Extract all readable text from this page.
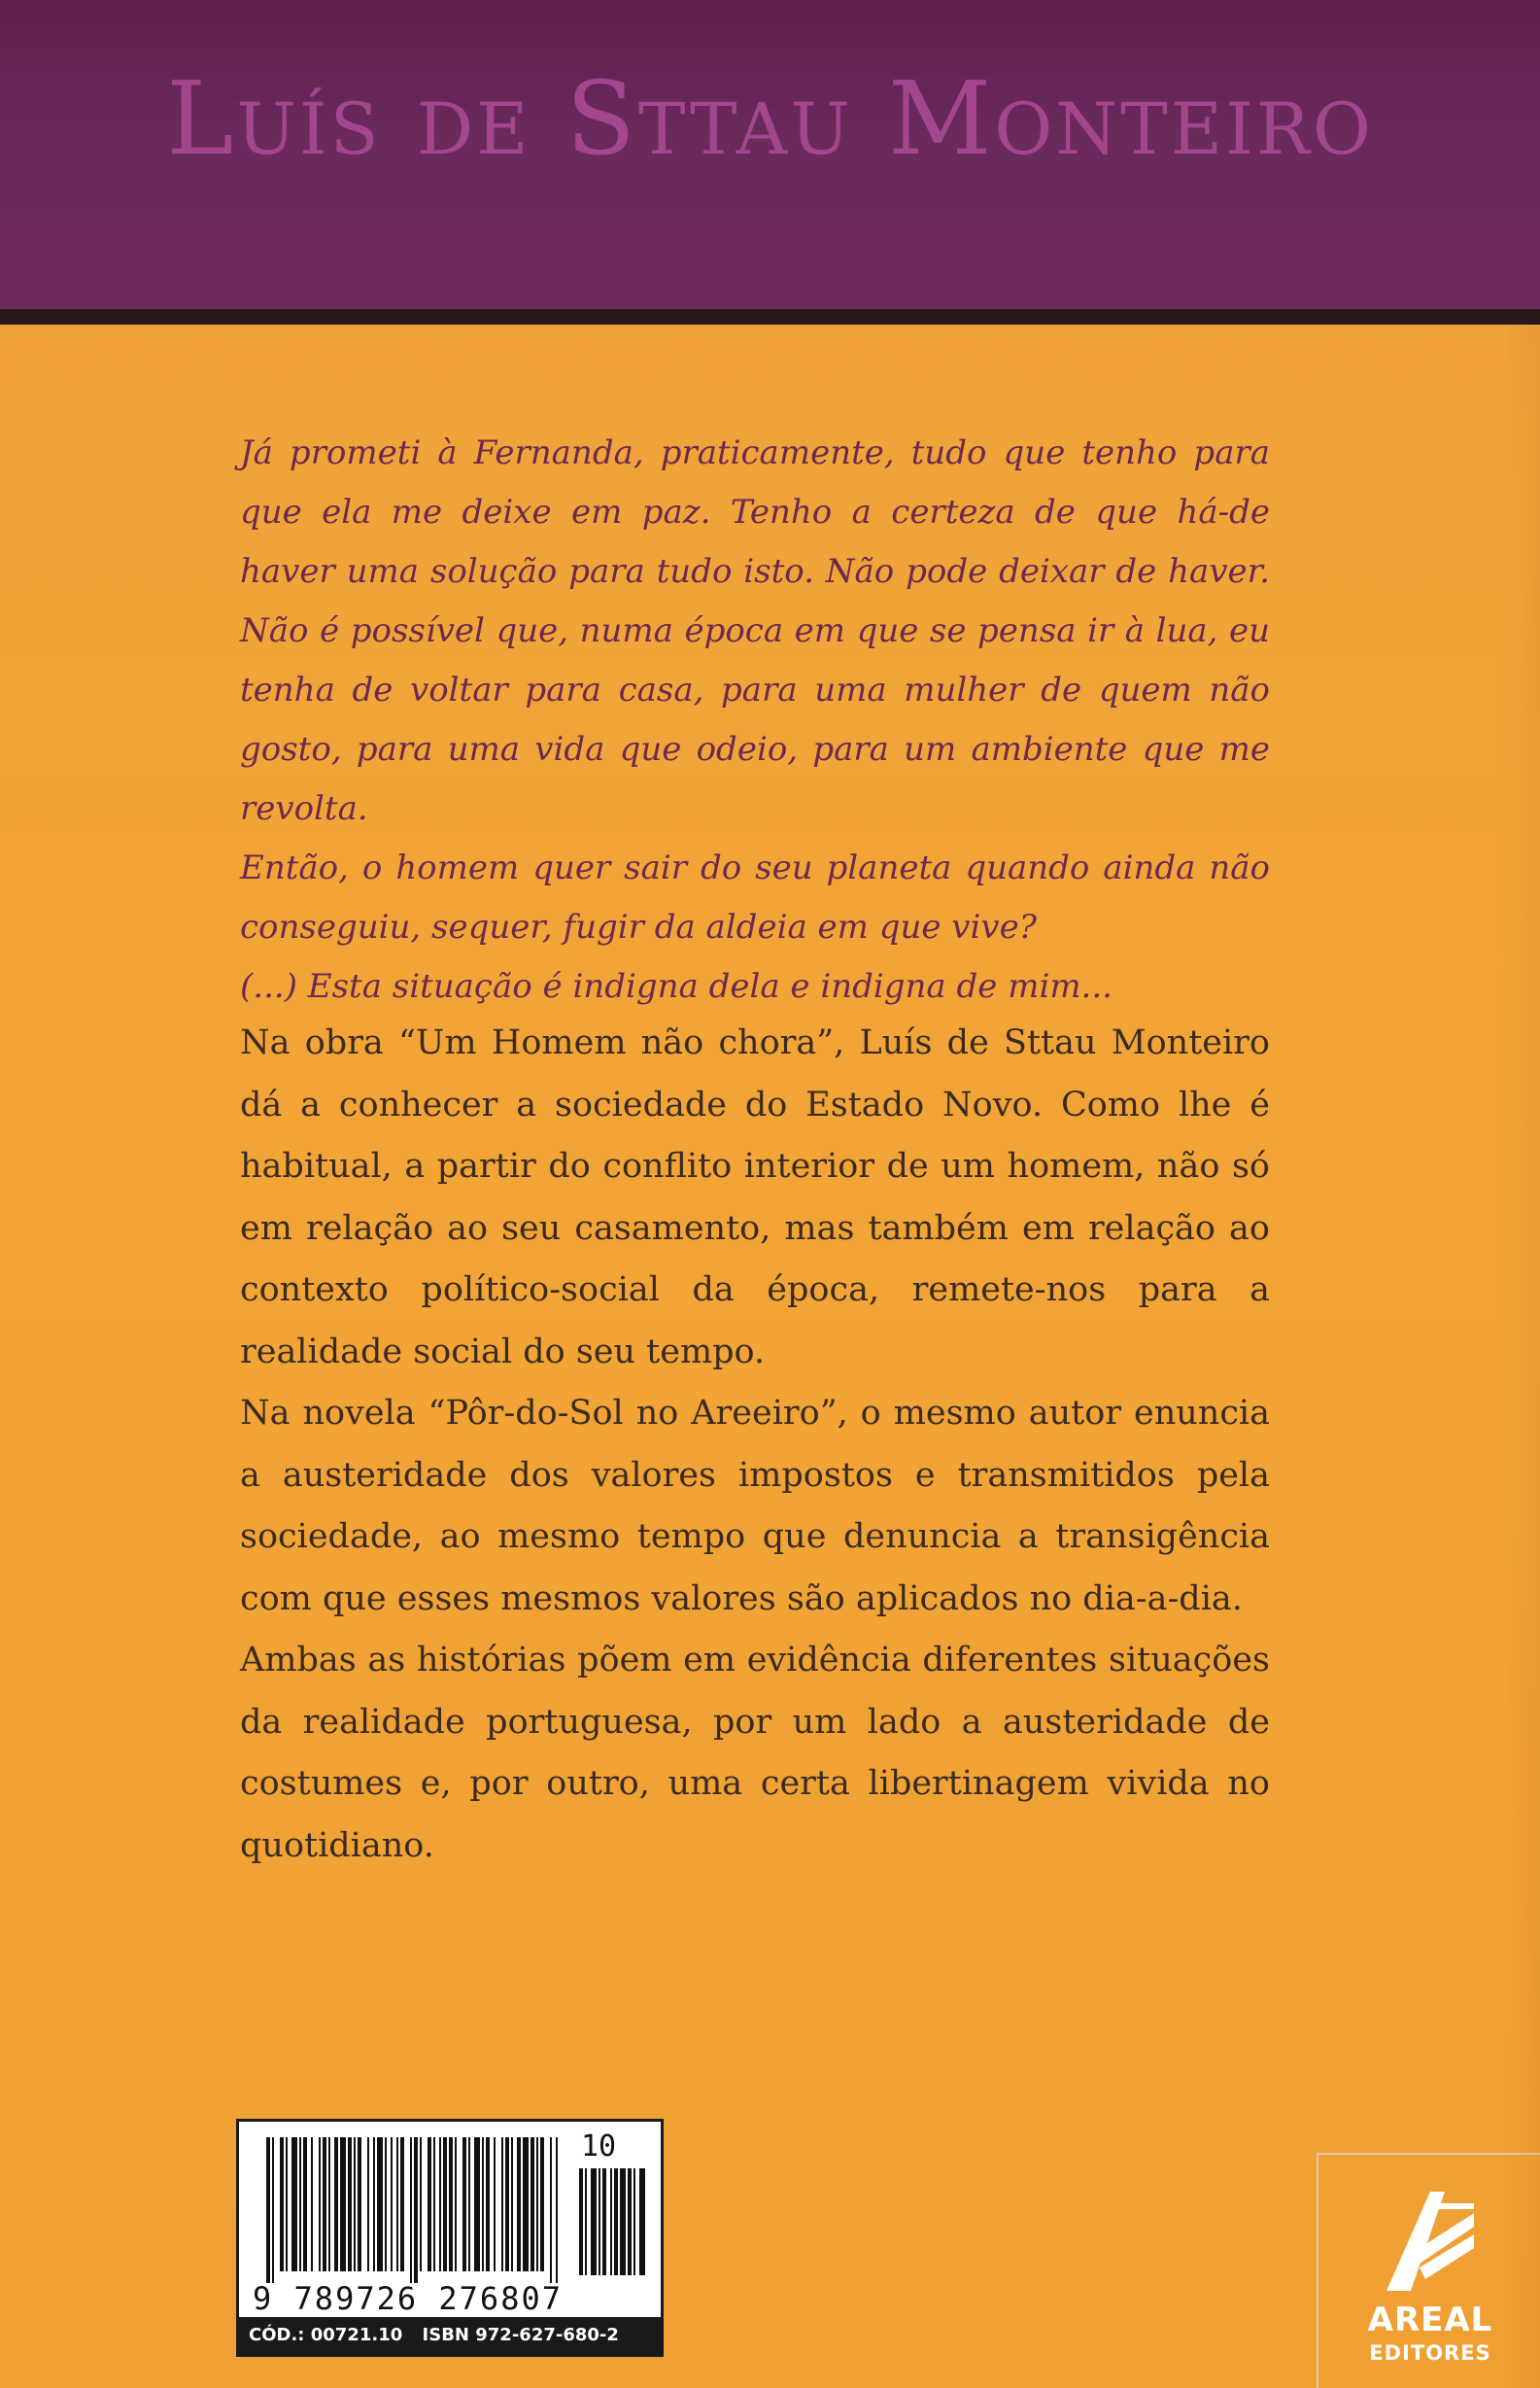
Luís de Sttau Monteiro

Já prometi à Fernanda, praticamente, tudo que tenho para que ela me deixe em paz. Tenho a certeza de que há-de haver uma solução para tudo isto. Não pode deixar de haver. Não é possível que, numa época em que se pensa ir à lua, eu tenha de voltar para casa, para uma mulher de quem não gosto, para uma vida que odeio, para um ambiente que me revolta.

Então, o homem quer sair do seu planeta quando ainda não conseguiu, sequer, fugir da aldeia em que vive?

(...) Esta situação é indigna dela e indigna de mim...

Na obra “Um Homem não chora”, Luís de Sttau Monteiro dá a conhecer a sociedade do Estado Novo. Como lhe é habitual, a partir do conflito interior de um homem, não só em relação ao seu casamento, mas também em relação ao contexto político-social da época, remete-nos para a realidade social do seu tempo.

Na novela “Pôr-do-Sol no Areeiro”, o mesmo autor enuncia a austeridade dos valores impostos e transmitidos pela sociedade, ao mesmo tempo que denuncia a transigência com que esses mesmos valores são aplicados no dia-a-dia.

Ambas as histórias põem em evidência diferentes situações da realidade portuguesa, por um lado a austeridade de costumes e, por outro, uma certa libertinagem vivida no quotidiano.

10
9 789726 276807
CÓD.: 00721.10 ISBN 972-627-680-2	AREAL
EDITORES
